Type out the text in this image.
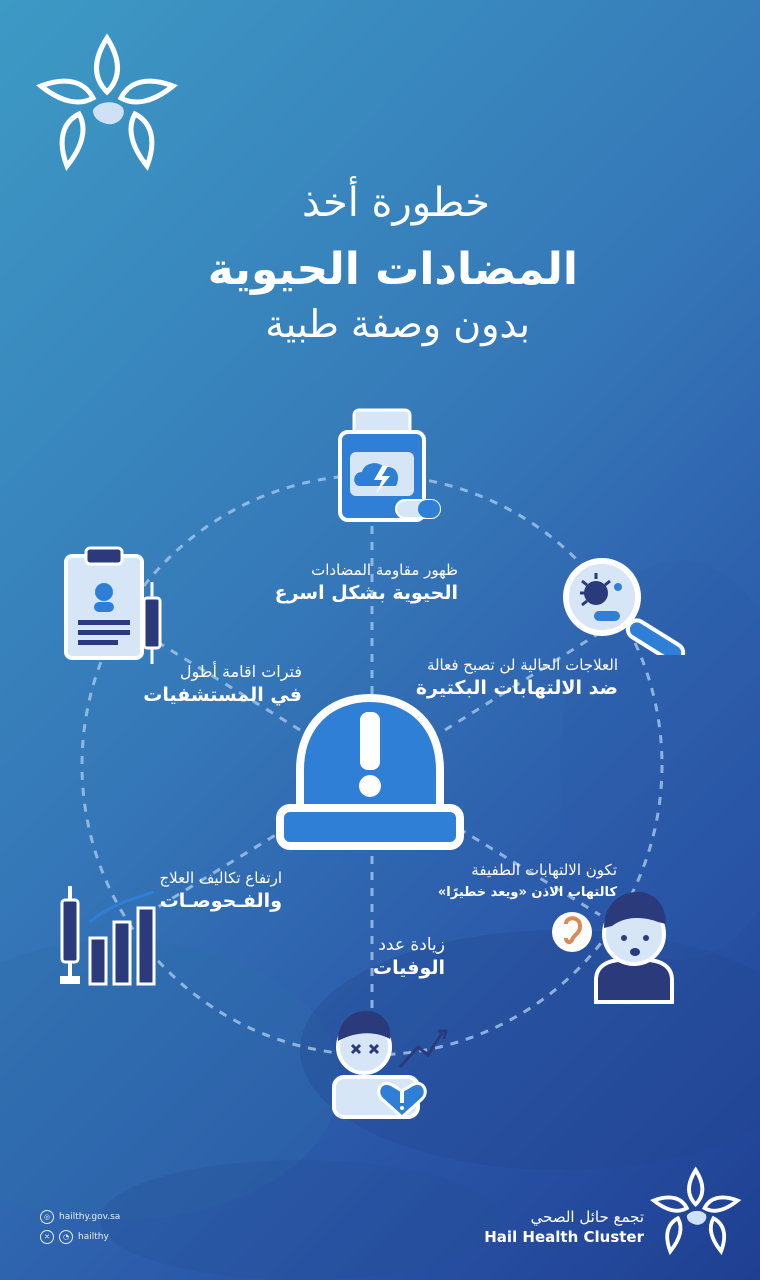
خطورة أخذ
المضادات الحيوية
بدون وصفة طبية
ظهور مقاومة المضادات
الحيوية بشكل اسرع
العلاجات الحالية لن تصبح فعالة
ضد الالتهابات البكتيرة
تكون الالتهابات الطفيفة
كالتهاب الاذن «ويعد خطيرًا»
زيادة عدد
الوفيات
ارتفاع تكاليف العلاج
والفـحوصـات
فترات اقامة أطول
في المستشفيات
◎ hailthy.gov.sa
✕	◔ hailthy
تجمع حائل الصحي
Hail Health Cluster
